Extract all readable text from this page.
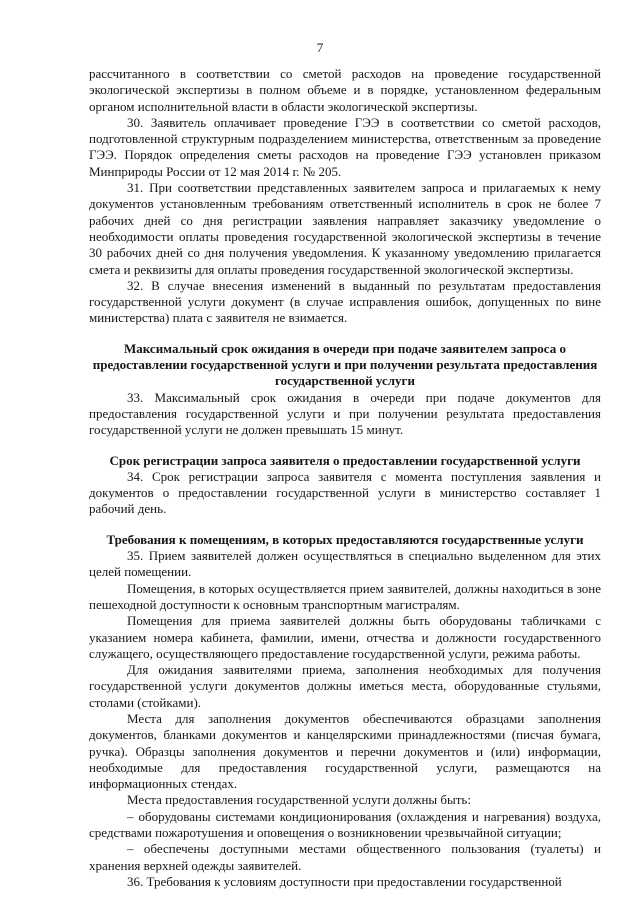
7

рассчитанного в соответствии со сметой расходов на проведение государственной экологической экспертизы в полном объеме и в порядке, установленном федеральным органом исполнительной власти в области экологической экспертизы.

30. Заявитель оплачивает проведение ГЭЭ в соответствии со сметой расходов, подготовленной структурным подразделением министерства, ответственным за проведение ГЭЭ. Порядок определения сметы расходов на проведение ГЭЭ установлен приказом Минприроды России от 12 мая 2014 г. № 205.

31. При соответствии представленных заявителем запроса и прилагаемых к нему документов установленным требованиям ответственный исполнитель в срок не более 7 рабочих дней со дня регистрации заявления направляет заказчику уведомление о необходимости оплаты проведения государственной экологической экспертизы в течение 30 рабочих дней со дня получения уведомления. К указанному уведомлению прилагается смета и реквизиты для оплаты проведения государственной экологической экспертизы.

32. В случае внесения изменений в выданный по результатам предоставления государственной услуги документ (в случае исправления ошибок, допущенных по вине министерства) плата с заявителя не взимается.

Максимальный срок ожидания в очереди при подаче заявителем запроса о предоставлении государственной услуги и при получении результата предоставления государственной услуги

33. Максимальный срок ожидания в очереди при подаче документов для предоставления государственной услуги и при получении результата предоставления государственной услуги не должен превышать 15 минут.

Срок регистрации запроса заявителя о предоставлении государственной услуги

34. Срок регистрации запроса заявителя с момента поступления заявления и документов о предоставлении государственной услуги в министерство составляет 1 рабочий день.

Требования к помещениям, в которых предоставляются государственные услуги

35. Прием заявителей должен осуществляться в специально выделенном для этих целей помещении.

Помещения, в которых осуществляется прием заявителей, должны находиться в зоне пешеходной доступности к основным транспортным магистралям.

Помещения для приема заявителей должны быть оборудованы табличками с указанием номера кабинета, фамилии, имени, отчества и должности государственного служащего, осуществляющего предоставление государственной услуги, режима работы.

Для ожидания заявителями приема, заполнения необходимых для получения государственной услуги документов должны иметься места, оборудованные стульями, столами (стойками).

Места для заполнения документов обеспечиваются образцами заполнения документов, бланками документов и канцелярскими принадлежностями (писчая бумага, ручка). Образцы заполнения документов и перечни документов и (или) информации, необходимые для предоставления государственной услуги, размещаются на информационных стендах.

Места предоставления государственной услуги должны быть:

– оборудованы системами кондиционирования (охлаждения и нагревания) воздуха, средствами пожаротушения и оповещения о возникновении чрезвычайной ситуации;

– обеспечены доступными местами общественного пользования (туалеты) и хранения верхней одежды заявителей.

36. Требования к условиям доступности при предоставлении государственной
